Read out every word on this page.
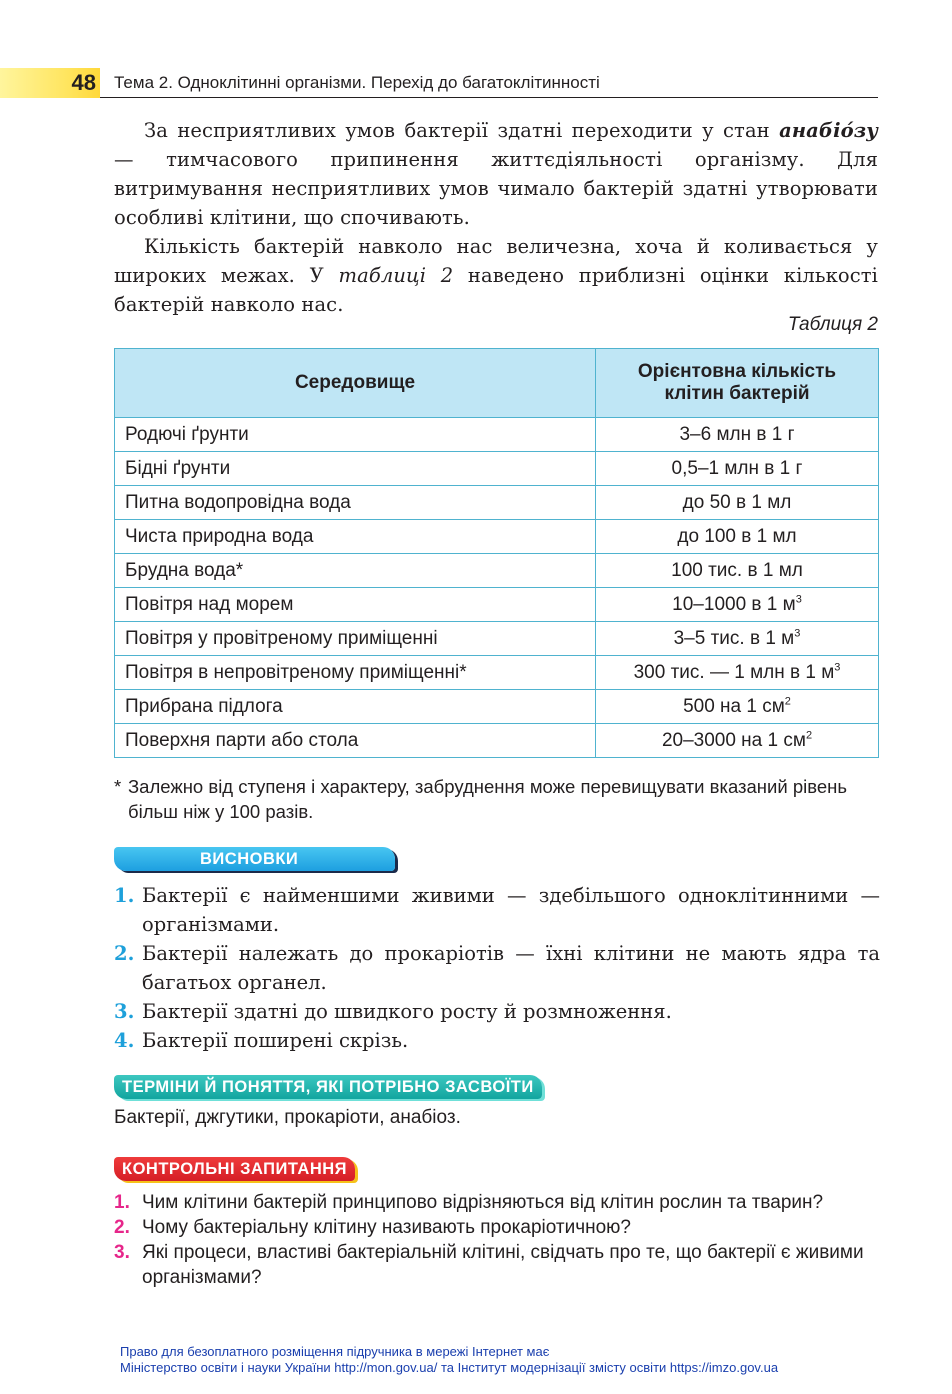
48 Тема 2. Одноклітинні організми. Перехід до багатоклітинності

За несприятливих умов бактерії здатні переходити у стан анабіо́зу — тимчасового припинення життєдіяльності організму. Для витримування несприятливих умов чимало бактерій здатні утворювати особливі клітини, що спочивають.

Кількість бактерій навколо нас величезна, хоча й коливається у широких межах. У таблиці 2 наведено приблизні оцінки кількості бактерій навколо нас.

Таблиця 2
Середовище	Орієнтовна кількість клітин бактерій
Родючі ґрунти	3–6 млн в 1 г
Бідні ґрунти	0,5–1 млн в 1 г
Питна водопровідна вода	до 50 в 1 мл
Чиста природна вода	до 100 в 1 мл
Брудна вода*	100 тис. в 1 мл
Повітря над морем	10–1000 в 1 $м^3$
Повітря у провітреному приміщенні	3–5 тис. в 1 $м^3$
Повітря в непровітреному приміщенні*	300 тис. — 1 млн в 1 $м^3$
Прибрана підлога	500 на 1 $см^2$
Поверхня парти або стола	20–3000 на 1 $см^2$
* Залежно від ступеня і характеру, забруднення може перевищувати вказаний рівень більш ніж у 100 разів.
ВИСНОВКИ
1. Бактерії є найменшими живими — здебільшого одноклітинними — організмами.
2. Бактерії належать до прокаріотів — їхні клітини не мають ядра та багатьох органел.
3. Бактерії здатні до швидкого росту й розмноження.
4. Бактерії поширені скрізь.
ТЕРМІНИ Й ПОНЯТТЯ, ЯКІ ПОТРІБНО ЗАСВОЇТИ
Бактерії, джгутики, прокаріоти, анабіоз.
КОНТРОЛЬНІ ЗАПИТАННЯ
1. Чим клітини бактерій принципово відрізняються від клітин рослин та тварин?
2. Чому бактеріальну клітину називають прокаріотичною?
3. Які процеси, властиві бактеріальній клітині, свідчать про те, що бактерії є живими організмами?
Право для безоплатного розміщення підручника в мережі Інтернет має
Міністерство освіти і науки України http://mon.gov.ua/ та Інститут модернізації змісту освіти https://imzo.gov.ua
